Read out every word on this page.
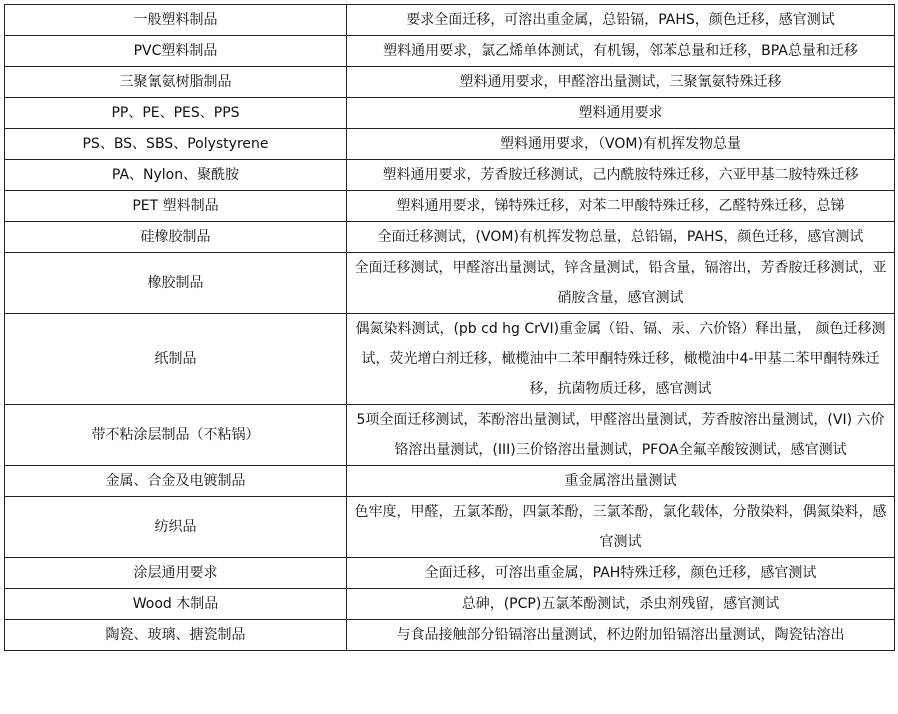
一般塑料制品	要求全面迁移，可溶出重金属，总铅镉，PAHS，颜色迁移，感官测试
PVC塑料制品	塑料通用要求，氯乙烯单体测试，有机锡，邻苯总量和迁移，BPA总量和迁移
三聚氰氨树脂制品	塑料通用要求，甲醛溶出量测试，三聚氰氨特殊迁移
PP、PE、PES、PPS	塑料通用要求
PS、BS、SBS、Polystyrene	塑料通用要求，（VOM)有机挥发物总量
PA、Nylon、聚酰胺	塑料通用要求，芳香胺迁移测试，己内酰胺特殊迁移，六亚甲基二胺特殊迁移
PET 塑料制品	塑料通用要求，锑特殊迁移，对苯二甲酸特殊迁移，乙醛特殊迁移，总锑
硅橡胶制品	全面迁移测试，(VOM)有机挥发物总量，总铅镉，PAHS，颜色迁移，感官测试
橡胶制品	全面迁移测试，甲醛溶出量测试，锌含量测试，铅含量，镉溶出，芳香胺迁移测试，亚硝胺含量，感官测试
纸制品	偶氮染料测试，(pb cd hg CrVI)重金属（铅、镉、汞、六价铬）释出量， 颜色迁移测试，荧光增白剂迁移，橄榄油中二苯甲酮特殊迁移，橄榄油中4-甲基二苯甲酮特殊迁移，抗菌物质迁移，感官测试
带不粘涂层制品（不粘锅）	5项全面迁移测试，苯酚溶出量测试，甲醛溶出量测试，芳香胺溶出量测试，(VI) 六价铬溶出量测试，(III)三价铬溶出量测试，PFOA全氟辛酸铵测试，感官测试
金属、合金及电镀制品	重金属溶出量测试
纺织品	色牢度，甲醛，五氯苯酚，四氯苯酚，三氯苯酚，氯化载体，分散染料，偶氮染料，感官测试
涂层通用要求	全面迁移，可溶出重金属，PAH特殊迁移，颜色迁移，感官测试
Wood 木制品	总砷，(PCP)五氯苯酚测试，杀虫剂残留，感官测试
陶瓷、玻璃、搪瓷制品	与食品接触部分铅镉溶出量测试，杯边附加铅镉溶出量测试，陶瓷钴溶出
